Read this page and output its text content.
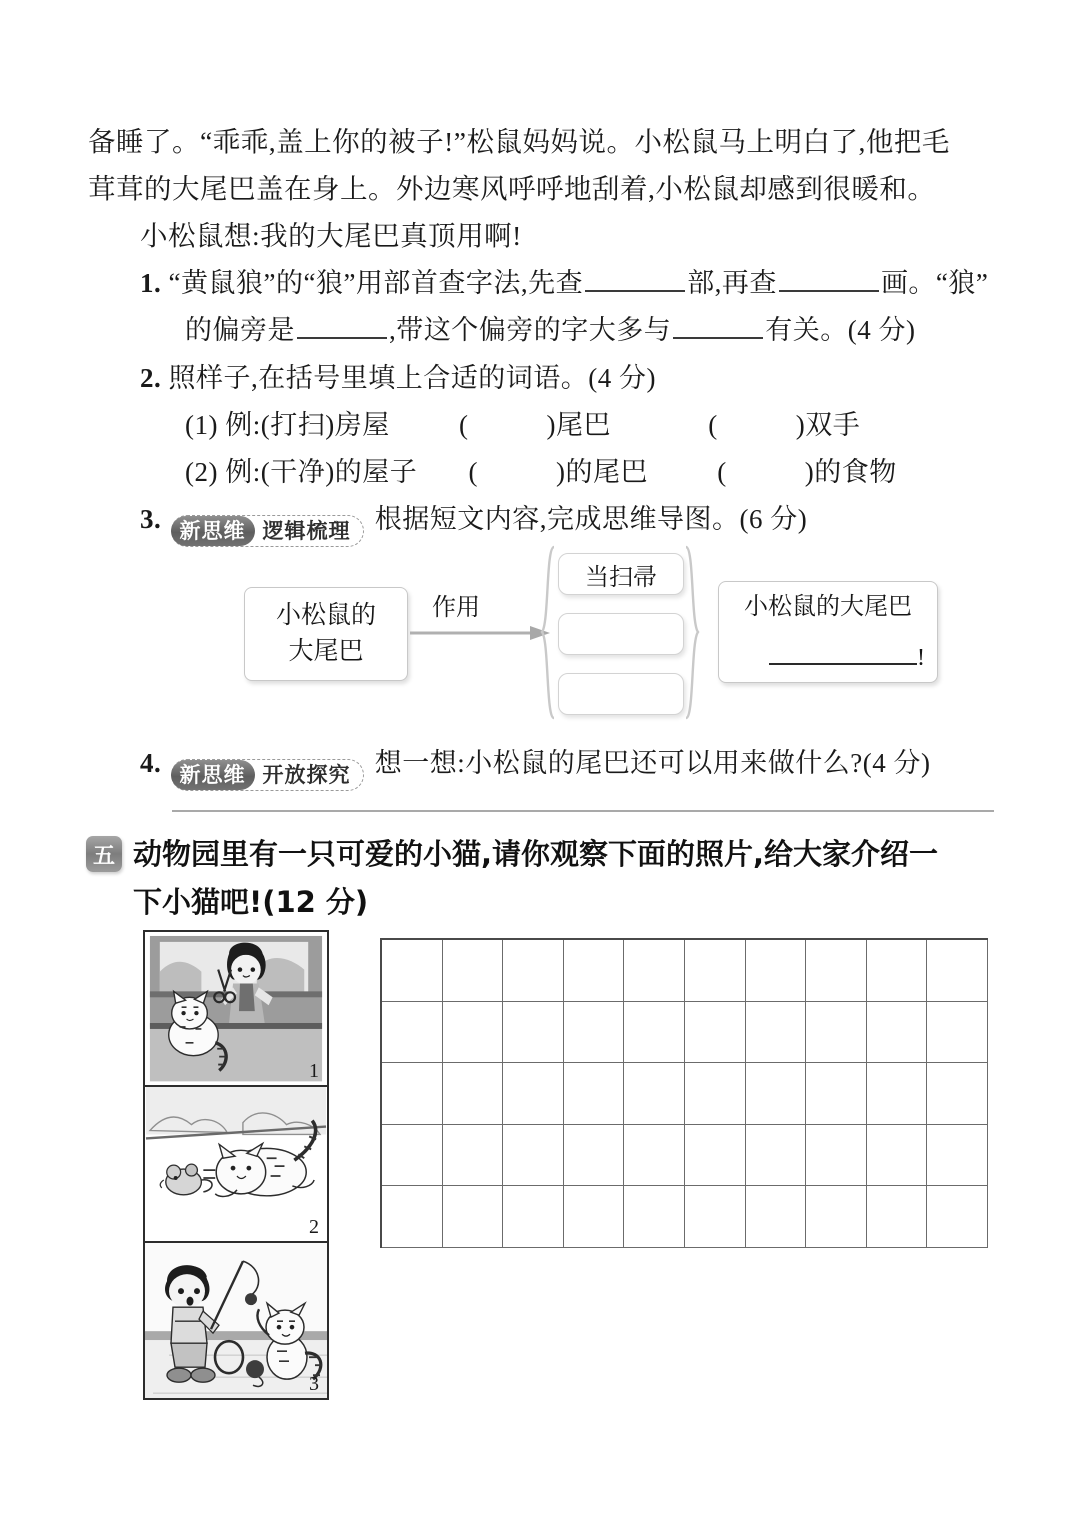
备睡了。“乖乖,盖上你的被子!”松鼠妈妈说。小松鼠马上明白了,他把毛
茸茸的大尾巴盖在身上。外边寒风呼呼地刮着,小松鼠却感到很暖和。
小松鼠想:我的大尾巴真顶用啊!
1. “黄鼠狼”的“狼”用部首查字法,先查	部,再查	画。“狼”
的偏旁是	,带这个偏旁的字大多与	有关。(4 分)
2. 照样子,在括号里填上合适的词语。(4 分)
(1) 例:(打扫)房屋	(	)尾巴	(	)双手
(2) 例:(干净)的屋子 (	)的尾巴	(	)的食物
3. 新思维 逻辑梳理 根据短文内容,完成思维导图。(6 分)
小松鼠的
大尾巴
作用
当扫帚
小松鼠的大尾巴
!
4. 新思维 开放探究 想一想:小松鼠的尾巴还可以用来做什么?(4 分)
五 动物园里有一只可爱的小猫,请你观察下面的照片,给大家介绍一
下小猫吧!(12 分)
1
2
3
